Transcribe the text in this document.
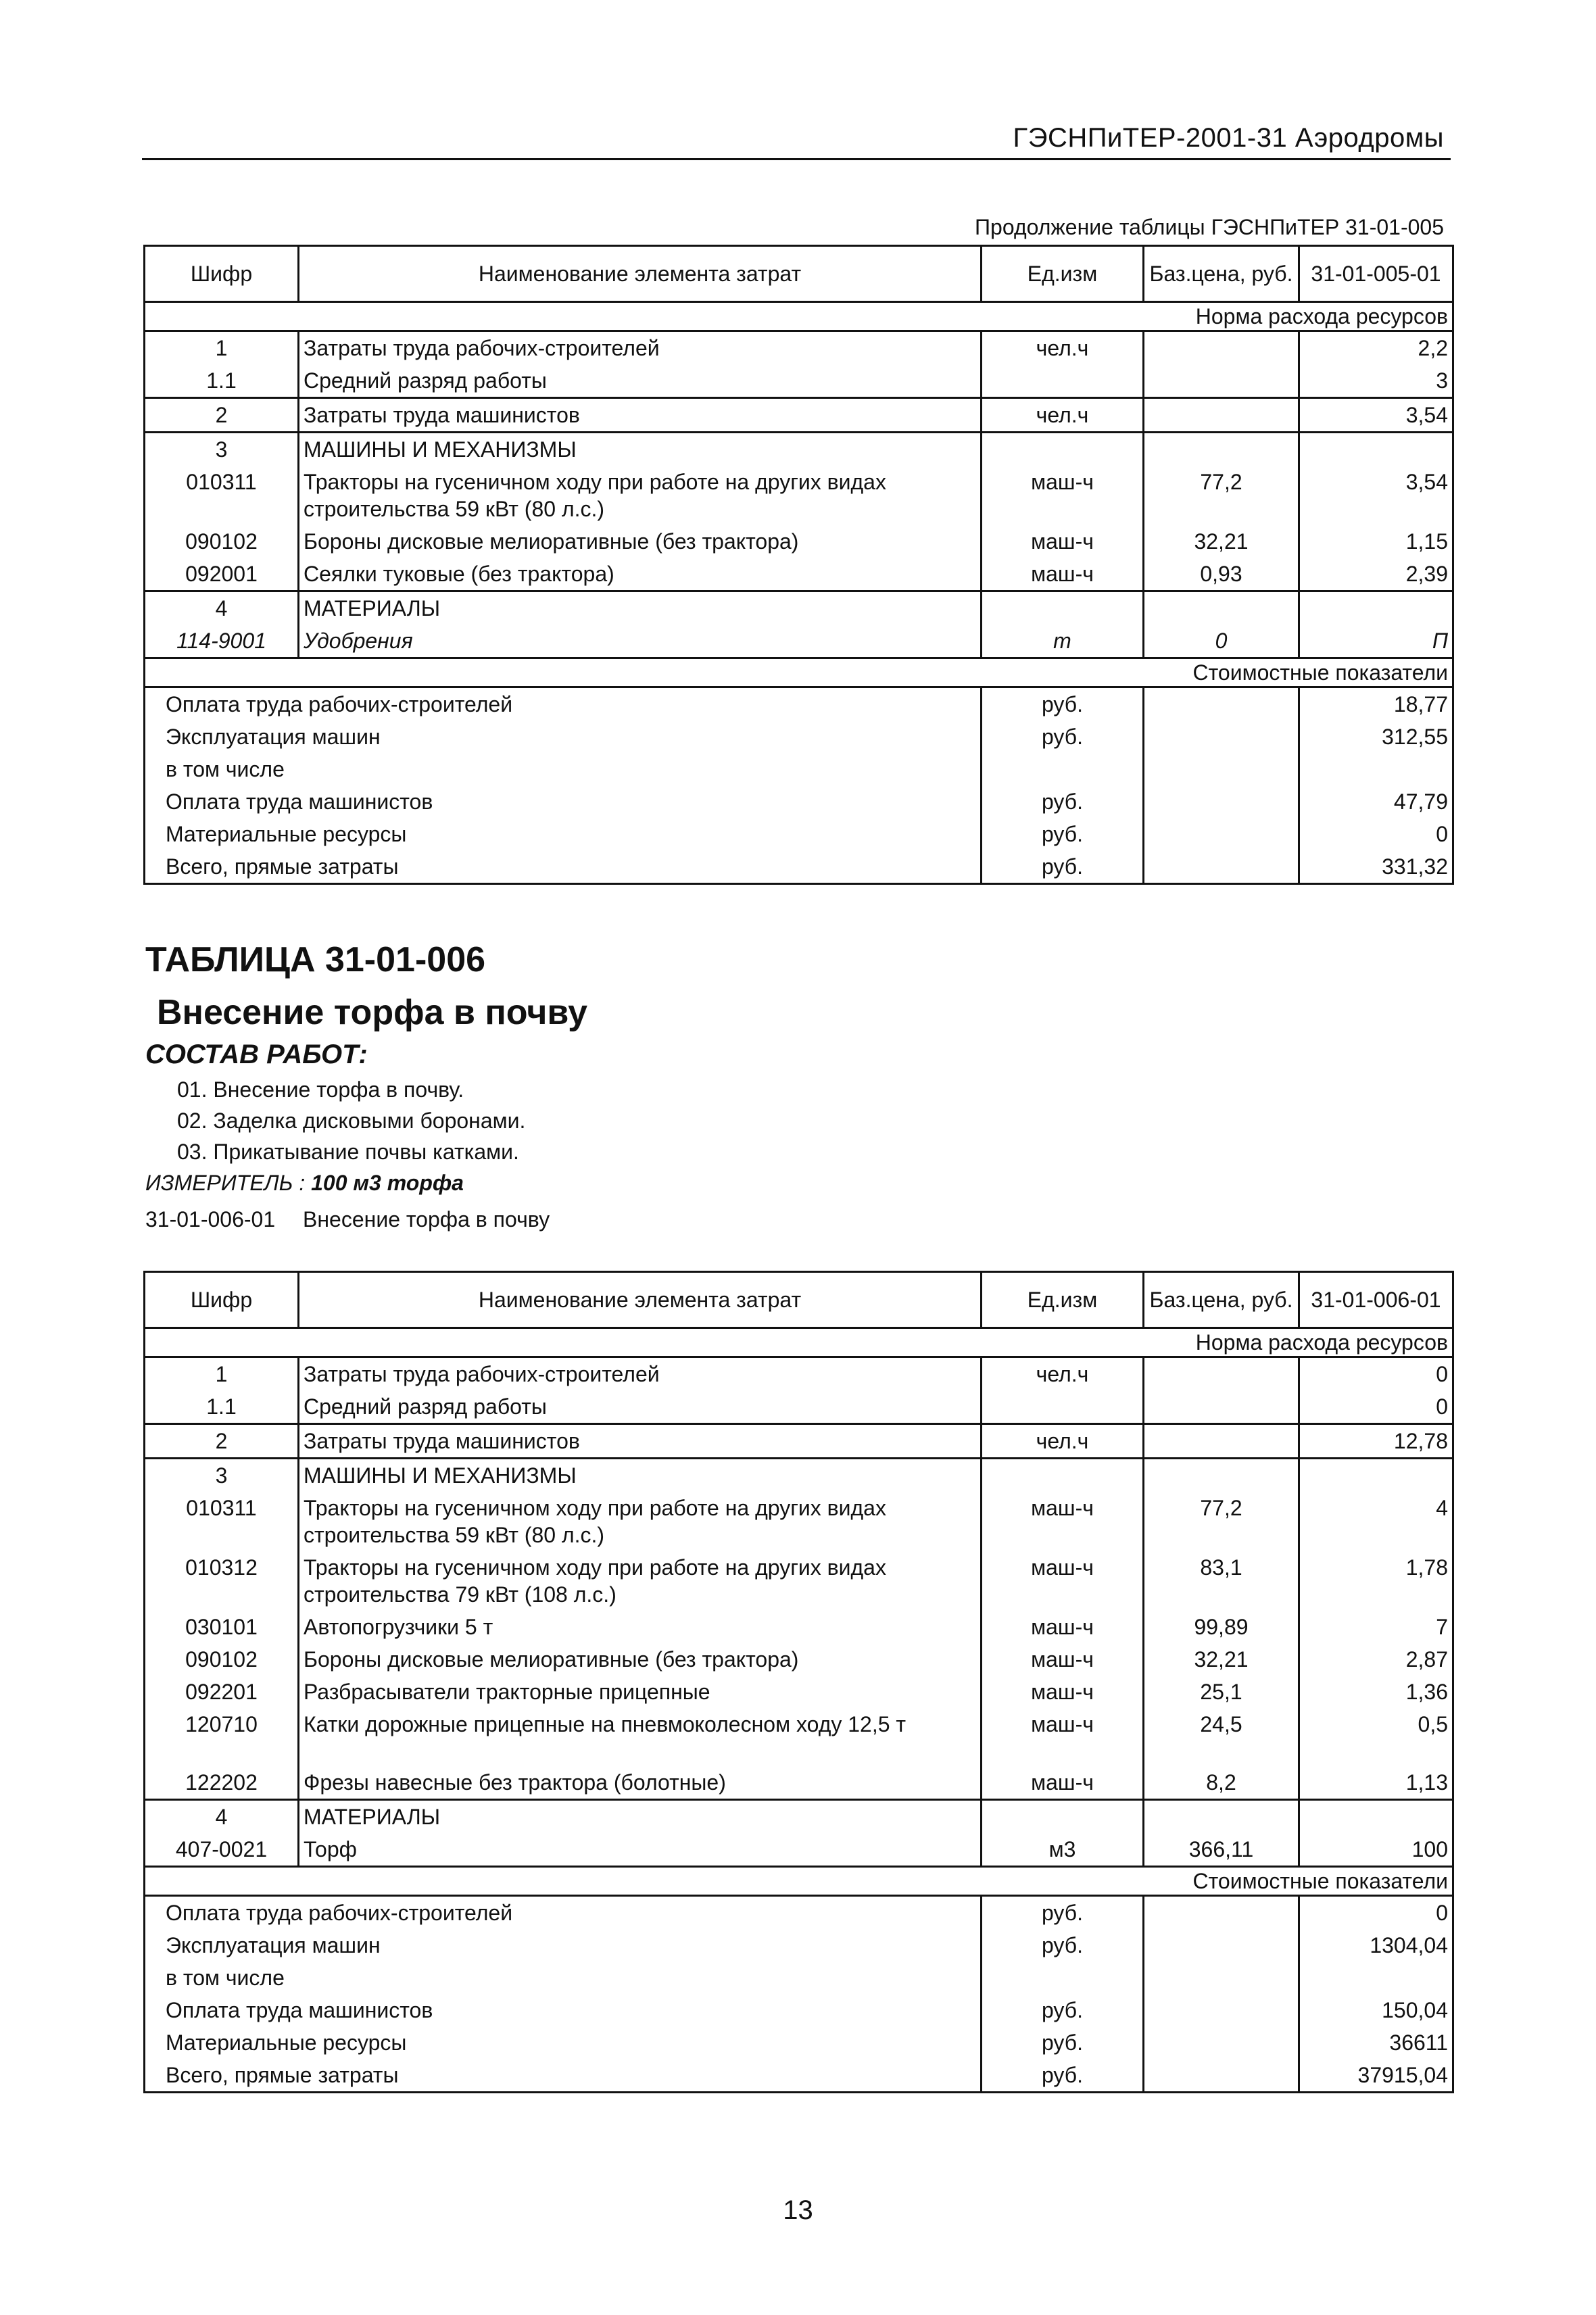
ГЭСНПиТЕР-2001-31 Аэродромы
Продолжение таблицы ГЭСНПиТЕР 31-01-005
Шифр	Наименование элемента затрат	Ед.изм	Баз.цена, руб.	31-01-005-01
Норма расхода ресурсов				
1	Затраты труда рабочих-строителей	чел.ч		2,2
1.1	Средний разряд работы			3
2	Затраты труда машинистов	чел.ч		3,54
3	МАШИНЫ И МЕХАНИЗМЫ			
010311	Тракторы на гусеничном ходу при работе на других видах строительства 59 кВт (80 л.с.)	маш-ч	77,2	3,54
090102	Бороны дисковые мелиоративные (без трактора)	маш-ч	32,21	1,15
092001	Сеялки туковые (без трактора)	маш-ч	0,93	2,39
4	МАТЕРИАЛЫ			
114-9001	Удобрения	т	0	П
Стоимостные показатели				
Оплата труда рабочих-строителей		руб.		18,77
Эксплуатация машин		руб.		312,55
в том числе				
Оплата труда машинистов		руб.		47,79
Материальные ресурсы		руб.		0
Всего, прямые затраты		руб.		331,32
ТАБЛИЦА 31-01-006
Внесение торфа в почву
СОСТАВ РАБОТ:
01. Внесение торфа в почву.
02. Заделка дисковыми боронами.
03. Прикатывание почвы катками.
ИЗМЕРИТЕЛЬ : 100 м3 торфа
31-01-006-01 Внесение торфа в почву
Шифр	Наименование элемента затрат	Ед.изм	Баз.цена, руб.	31-01-006-01
Норма расхода ресурсов				
1	Затраты труда рабочих-строителей	чел.ч		0
1.1	Средний разряд работы			0
2	Затраты труда машинистов	чел.ч		12,78
3	МАШИНЫ И МЕХАНИЗМЫ			
010311	Тракторы на гусеничном ходу при работе на других видах строительства 59 кВт (80 л.с.)	маш-ч	77,2	4
010312	Тракторы на гусеничном ходу при работе на других видах строительства 79 кВт (108 л.с.)	маш-ч	83,1	1,78
030101	Автопогрузчики 5 т	маш-ч	99,89	7
090102	Бороны дисковые мелиоративные (без трактора)	маш-ч	32,21	2,87
092201	Разбрасыватели тракторные прицепные	маш-ч	25,1	1,36
120710	Катки дорожные прицепные на пневмоколесном ходу 12,5 т	маш-ч	24,5	0,5
122202	Фрезы навесные без трактора (болотные)	маш-ч	8,2	1,13
4	МАТЕРИАЛЫ			
407-0021	Торф	м3	366,11	100
Стоимостные показатели				
Оплата труда рабочих-строителей		руб.		0
Эксплуатация машин		руб.		1304,04
в том числе				
Оплата труда машинистов		руб.		150,04
Материальные ресурсы		руб.		36611
Всего, прямые затраты		руб.		37915,04
13
